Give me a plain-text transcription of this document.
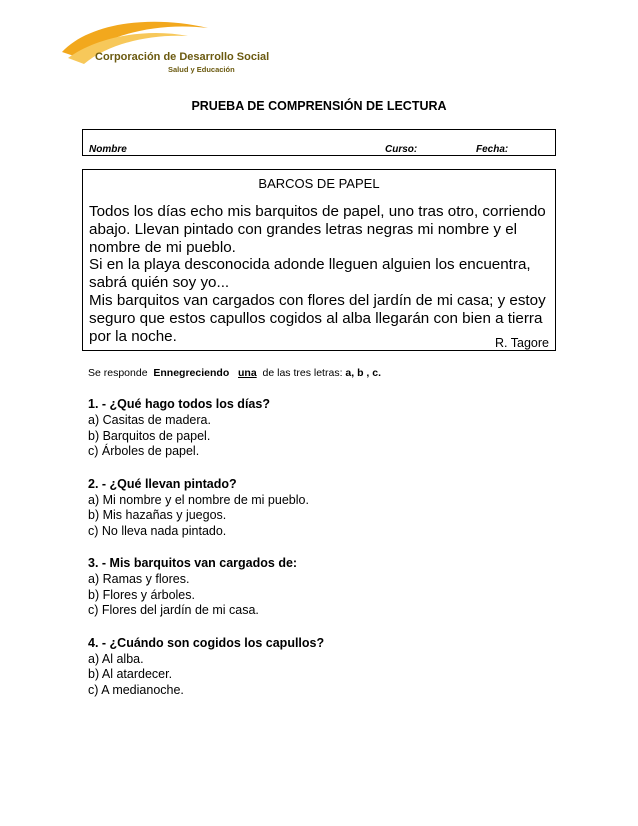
Corporación de Desarrollo Social
Salud y Educación
PRUEBA DE COMPRENSIÓN DE LECTURA
Nombre	Curso:	Fecha:
BARCOS DE PAPEL
Todos los días echo mis barquitos de papel, uno tras otro, corriendo
abajo. Llevan pintado con grandes letras negras mi nombre y el
nombre de mi pueblo.
Si en la playa desconocida adonde lleguen alguien los encuentra,
sabrá quién soy yo...
Mis barquitos van cargados con flores del jardín de mi casa; y estoy
seguro que estos capullos cogidos al alba llegarán con bien a tierra
por la noche.	R. Tagore
Se responde Ennegreciendo una de las tres letras: a, b , c.
1. - ¿Qué hago todos los días?
a) Casitas de madera.
b) Barquitos de papel.
c) Árboles de papel.
2. - ¿Qué llevan pintado?
a) Mi nombre y el nombre de mi pueblo.
b) Mis hazañas y juegos.
c) No lleva nada pintado.
3. - Mis barquitos van cargados de:
a) Ramas y flores.
b) Flores y árboles.
c) Flores del jardín de mi casa.
4. - ¿Cuándo son cogidos los capullos?
a) Al alba.
b) Al atardecer.
c) A medianoche.
